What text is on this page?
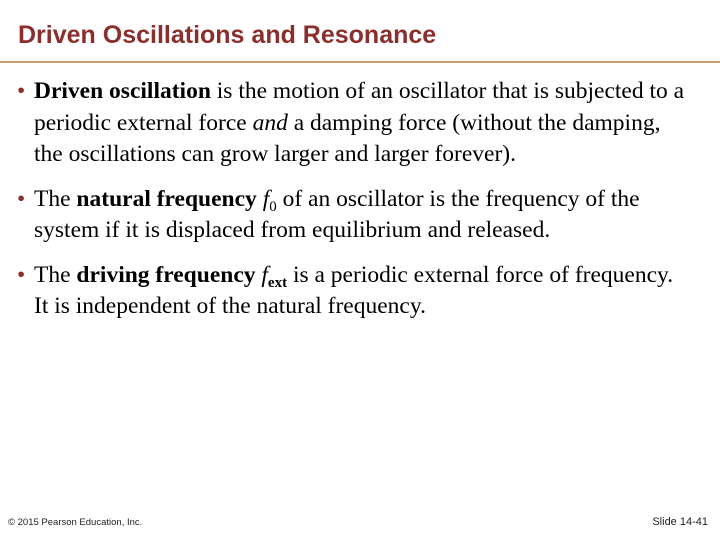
Driven Oscillations and Resonance
• Driven oscillation is the motion of an oscillator that is subjected to a periodic external force and a damping force (without the damping, the oscillations can grow larger and larger forever).
• The natural frequency $f_0$ of an oscillator is the frequency of the system if it is displaced from equilibrium and released.
• The driving frequency $f_{ext}$ is a periodic external force of frequency. It is independent of the natural frequency.
© 2015 Pearson Education, Inc.	Slide 14-41
